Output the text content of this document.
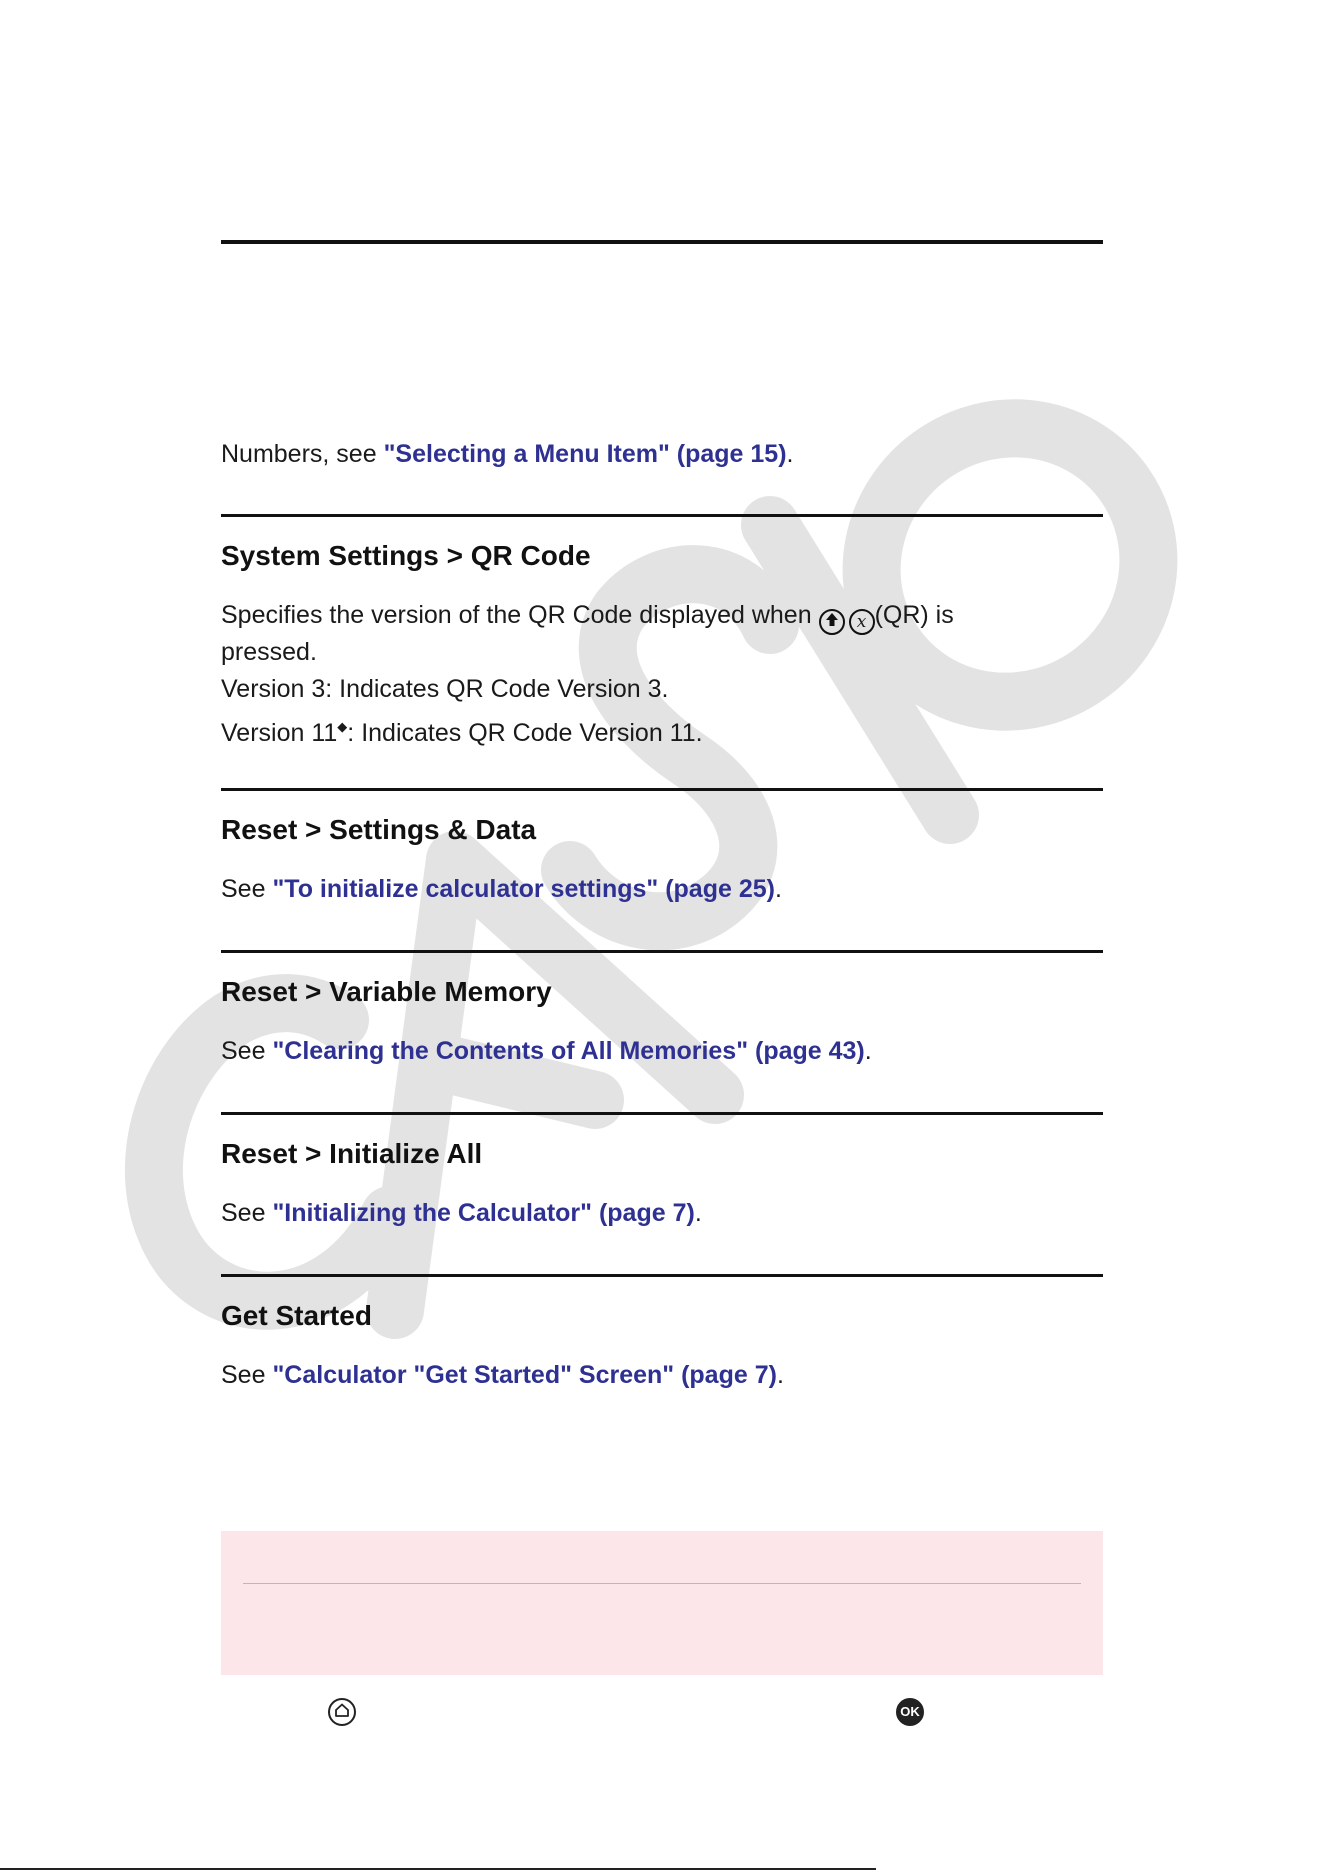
Numbers, see "Selecting a Menu Item" (page 15).
System Settings > QR Code
Specifies the version of the QR Code displayed when x (QR) is
pressed.
Version 3: Indicates QR Code Version 3.
Version 11◆: Indicates QR Code Version 11.
Reset > Settings & Data
See "To initialize calculator settings" (page 25).
Reset > Variable Memory
See "Clearing the Contents of All Memories" (page 43).
Reset > Initialize All
See "Initializing the Calculator" (page 7).
Get Started
See "Calculator "Get Started" Screen" (page 7).
OK
